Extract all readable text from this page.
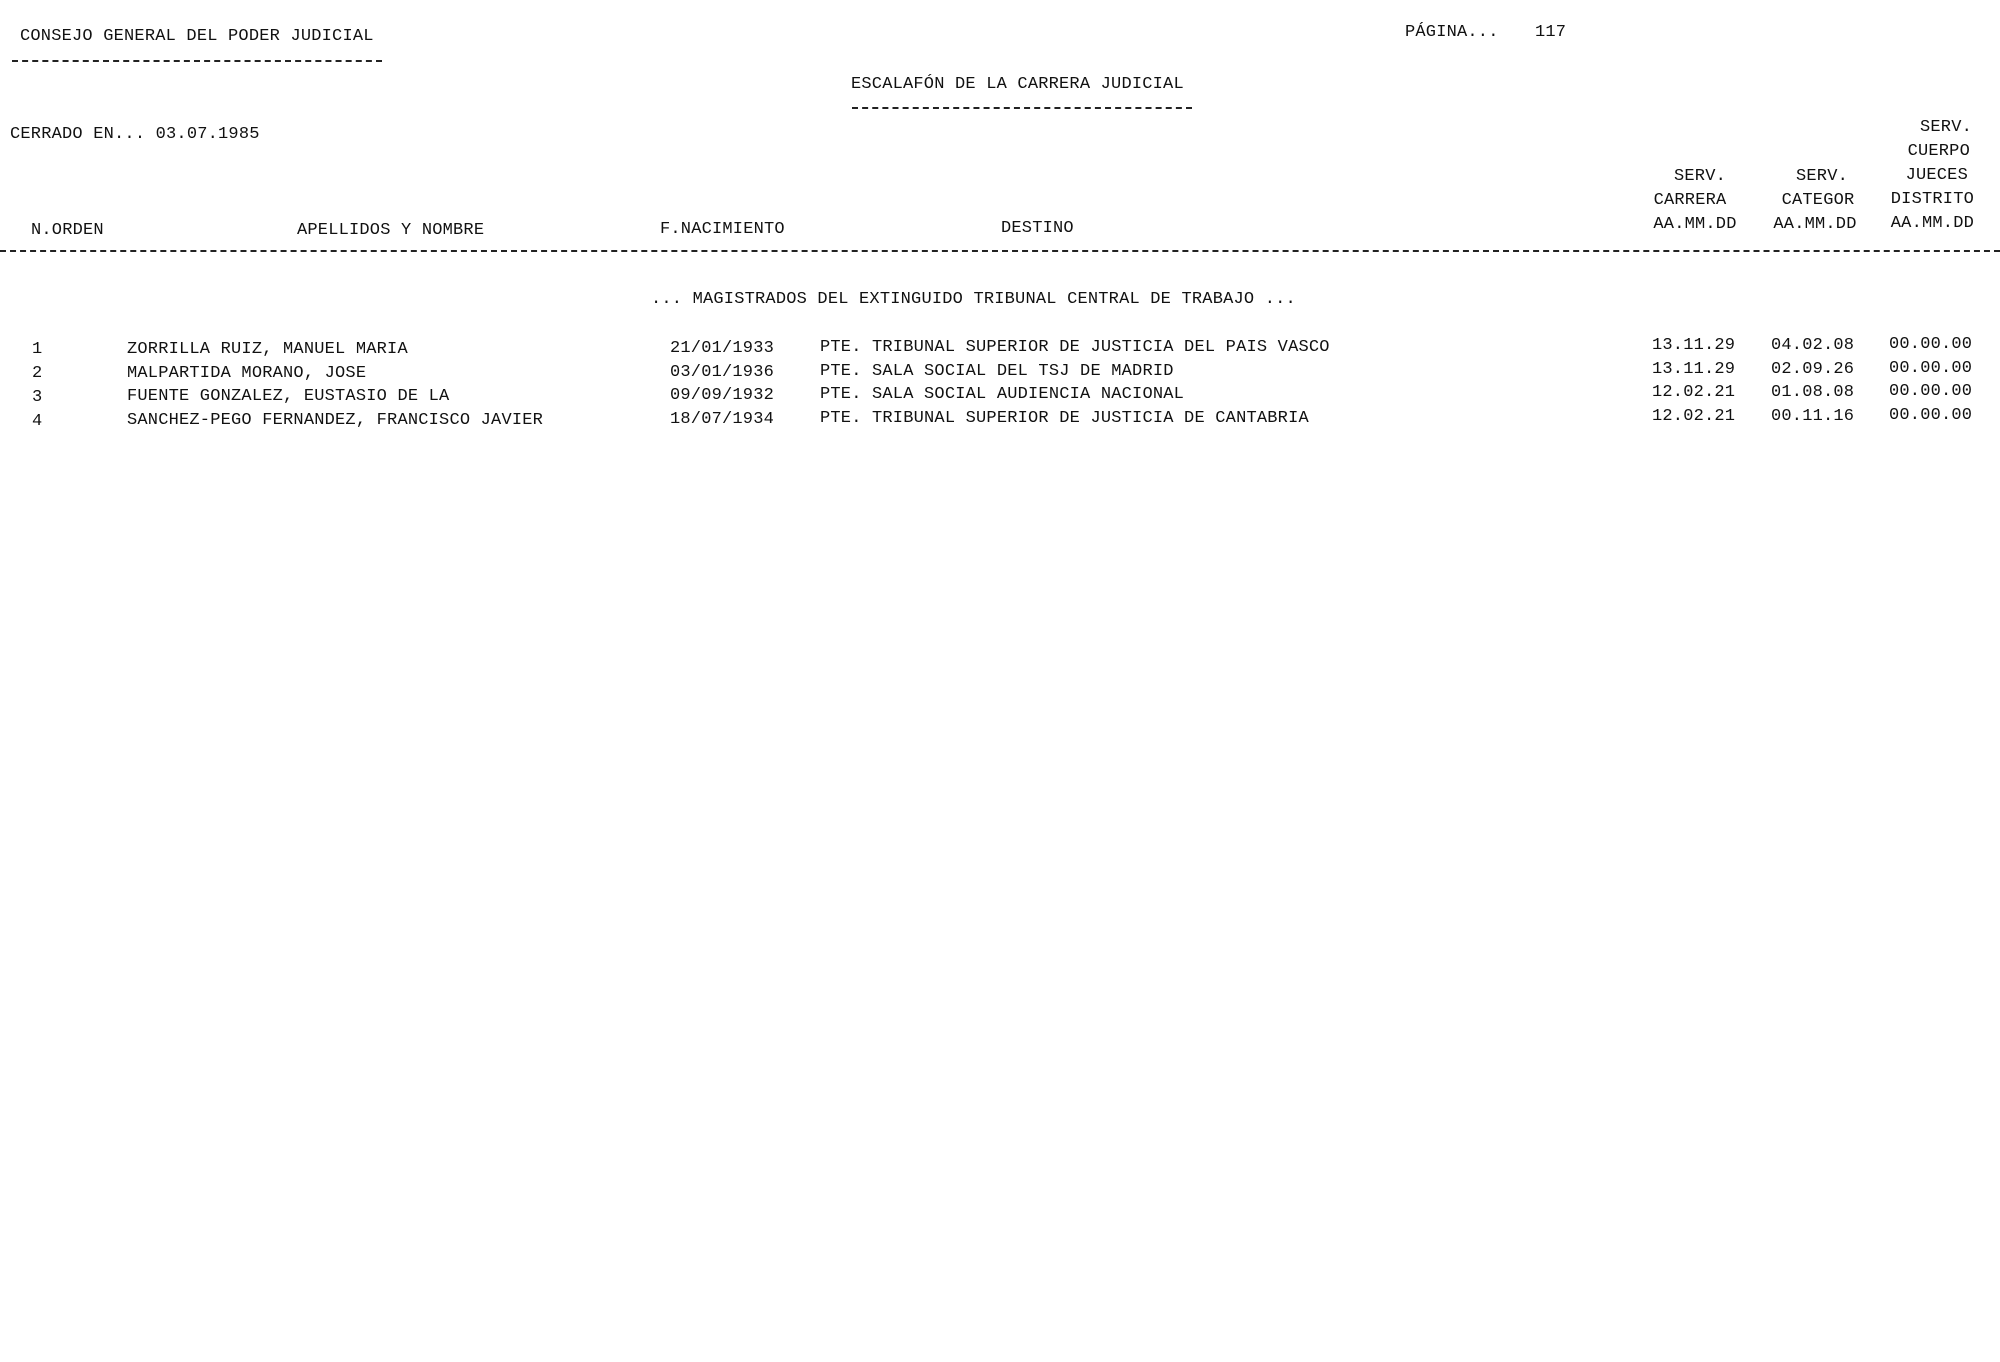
CONSEJO GENERAL DEL PODER JUDICIAL	PÁGINA... 117
ESCALAFÓN DE LA CARRERA JUDICIAL
CERRADO EN... 03.07.1985
N.ORDEN	APELLIDOS Y NOMBRE	F.NACIMIENTO	DESTINO
SERV.
CARRERA
AA.MM.DD
SERV.
CATEGOR
AA.MM.DD
SERV.
CUERPO
JUECES
DISTRITO
AA.MM.DD
... MAGISTRADOS DEL EXTINGUIDO TRIBUNAL CENTRAL DE TRABAJO ...
1	ZORRILLA RUIZ, MANUEL MARIA	21/01/1933	PTE. TRIBUNAL SUPERIOR DE JUSTICIA DEL PAIS VASCO	13.11.29 04.02.08 00.00.00
2	MALPARTIDA MORANO, JOSE	03/01/1936	PTE. SALA SOCIAL DEL TSJ DE MADRID	13.11.29 02.09.26 00.00.00
3	FUENTE GONZALEZ, EUSTASIO DE LA	09/09/1932	PTE. SALA SOCIAL AUDIENCIA NACIONAL	12.02.21 01.08.08 00.00.00
4	SANCHEZ-PEGO FERNANDEZ, FRANCISCO JAVIER	18/07/1934	PTE. TRIBUNAL SUPERIOR DE JUSTICIA DE CANTABRIA	12.02.21 00.11.16 00.00.00
